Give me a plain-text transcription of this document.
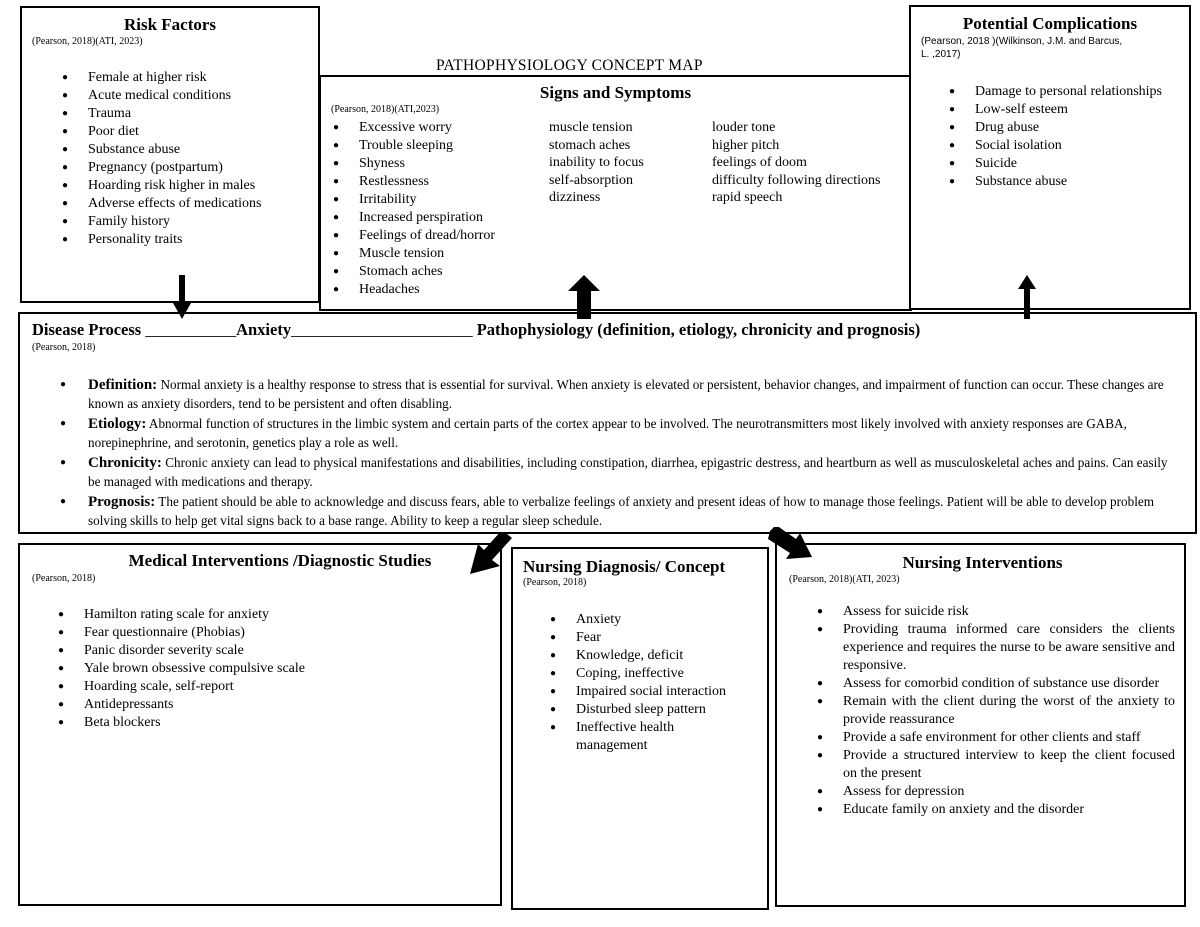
PATHOPHYSIOLOGY CONCEPT MAP
Risk Factors
(Pearson, 2018)(ATI, 2023)
● Female at higher risk
● Acute medical conditions
● Trauma
● Poor diet
● Substance abuse
● Pregnancy (postpartum)
● Hoarding risk higher in males
● Adverse effects of medications
● Family history
● Personality traits
Signs and Symptoms
(Pearson, 2018)(ATI,2023)
● Excessive worry
● Trouble sleeping
● Shyness
● Restlessness
● Irritability
● Increased perspiration
● Feelings of dread/horror
● Muscle tension
● Stomach aches
● Headaches
muscle tension
stomach aches
inability to focus
self-absorption
dizziness
louder tone
higher pitch
feelings of doom
difficulty following directions
rapid speech
Potential Complications
(Pearson, 2018 )(Wilkinson, J.M. and Barcus,
L. ,2017)
● Damage to personal relationships
● Low-self esteem
● Drug abuse
● Social isolation
● Suicide
● Substance abuse
Disease Process ___________Anxiety______________________ Pathophysiology (definition, etiology, chronicity and prognosis)
(Pearson, 2018)
● Definition: Normal anxiety is a healthy response to stress that is essential for survival. When anxiety is elevated or persistent, behavior changes, and impairment of function can occur. These changes are known as anxiety disorders, tend to be persistent and often disabling.
● Etiology: Abnormal function of structures in the limbic system and certain parts of the cortex appear to be involved. The neurotransmitters most likely involved with anxiety responses are GABA, norepinephrine, and serotonin, genetics play a role as well.
● Chronicity: Chronic anxiety can lead to physical manifestations and disabilities, including constipation, diarrhea, epigastric destress, and heartburn as well as musculoskeletal aches and pains. Can easily be managed with medications and therapy.
● Prognosis: The patient should be able to acknowledge and discuss fears, able to verbalize feelings of anxiety and present ideas of how to manage those feelings. Patient will be able to develop problem solving skills to help get vital signs back to a base range. Ability to keep a regular sleep schedule.
Medical Interventions /Diagnostic Studies
(Pearson, 2018)
● Hamilton rating scale for anxiety
● Fear questionnaire (Phobias)
● Panic disorder severity scale
● Yale brown obsessive compulsive scale
● Hoarding scale, self-report
● Antidepressants
● Beta blockers
Nursing Diagnosis/ Concept
(Pearson, 2018)
● Anxiety
● Fear
● Knowledge, deficit
● Coping, ineffective
● Impaired social interaction
● Disturbed sleep pattern
● Ineffective health management
Nursing Interventions
(Pearson, 2018)(ATI, 2023)
● Assess for suicide risk
● Providing trauma informed care considers the clients experience and requires the nurse to be aware sensitive and responsive.
● Assess for comorbid condition of substance use disorder
● Remain with the client during the worst of the anxiety to provide reassurance
● Provide a safe environment for other clients and staff
● Provide a structured interview to keep the client focused on the present
● Assess for depression
● Educate family on anxiety and the disorder
